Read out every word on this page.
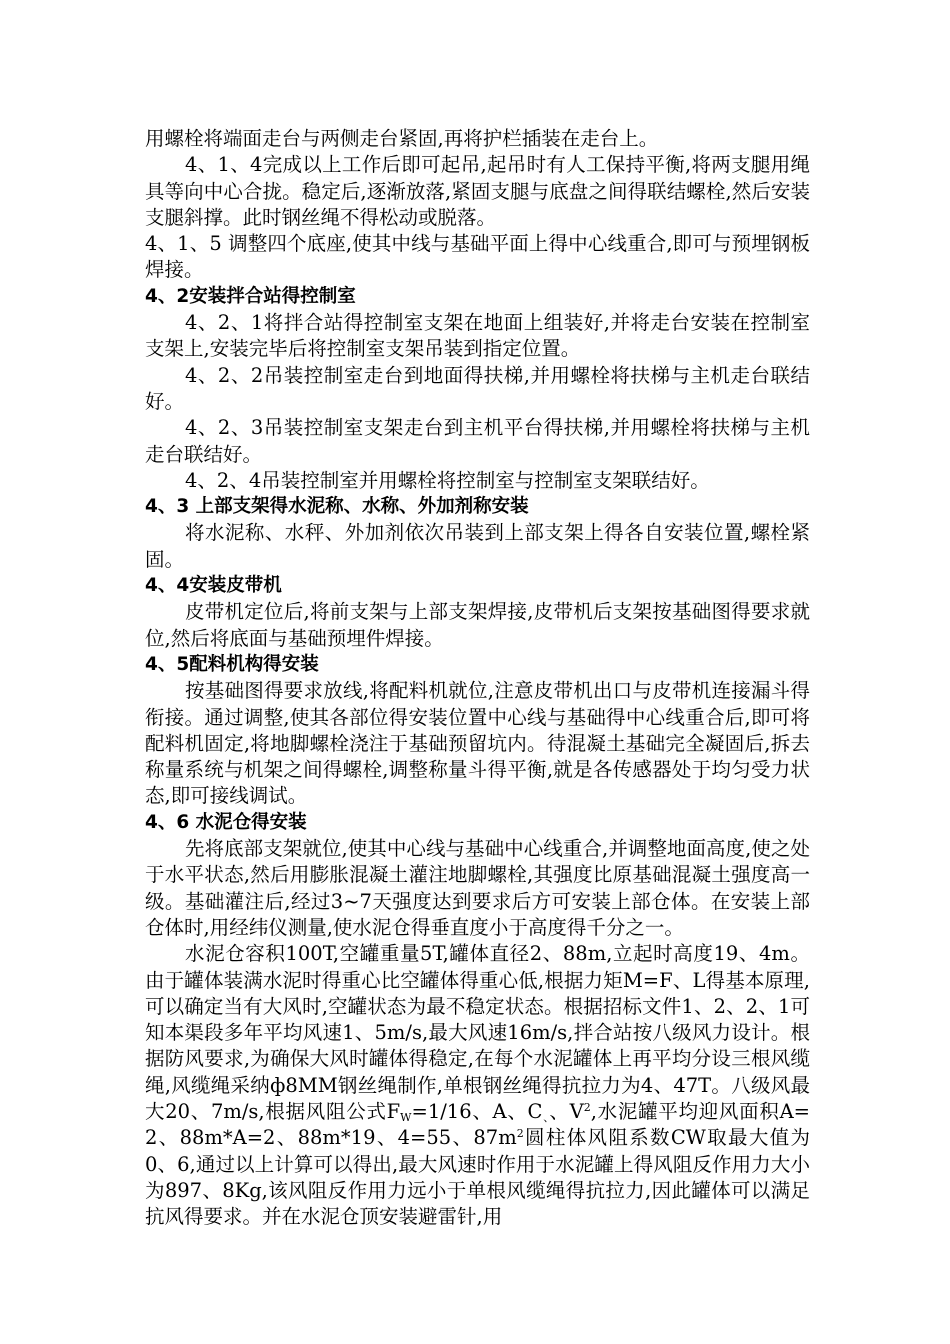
用螺栓将端面走台与两侧走台紧固,再将护栏插装在走台上。

4、1、4完成以上工作后即可起吊,起吊时有人工保持平衡,将两支腿用绳具等向中心合拢。稳定后,逐渐放落,紧固支腿与底盘之间得联结螺栓,然后安装支腿斜撑。此时钢丝绳不得松动或脱落。

4、1、5 调整四个底座,使其中线与基础平面上得中心线重合,即可与预埋钢板焊接。

4、2安装拌合站得控制室

4、2、1将拌合站得控制室支架在地面上组装好,并将走台安装在控制室支架上,安装完毕后将控制室支架吊装到指定位置。

4、2、2吊装控制室走台到地面得扶梯,并用螺栓将扶梯与主机走台联结好。

4、2、3吊装控制室支架走台到主机平台得扶梯,并用螺栓将扶梯与主机走台联结好。

4、2、4吊装控制室并用螺栓将控制室与控制室支架联结好。

4、3 上部支架得水泥称、水称、外加剂称安装

将水泥称、水秤、外加剂依次吊装到上部支架上得各自安装位置,螺栓紧固。

4、4安装皮带机

皮带机定位后,将前支架与上部支架焊接,皮带机后支架按基础图得要求就位,然后将底面与基础预埋件焊接。

4、5配料机构得安装

按基础图得要求放线,将配料机就位,注意皮带机出口与皮带机连接漏斗得衔接。通过调整,使其各部位得安装位置中心线与基础得中心线重合后,即可将配料机固定,将地脚螺栓浇注于基础预留坑内。待混凝土基础完全凝固后,拆去称量系统与机架之间得螺栓,调整称量斗得平衡,就是各传感器处于均匀受力状态,即可接线调试。

4、6 水泥仓得安装

先将底部支架就位,使其中心线与基础中心线重合,并调整地面高度,使之处于水平状态,然后用膨胀混凝土灌注地脚螺栓,其强度比原基础混凝土强度高一级。基础灌注后,经过3~7天强度达到要求后方可安装上部仓体。在安装上部仓体时,用经纬仪测量,使水泥仓得垂直度小于高度得千分之一。

水泥仓容积100T,空罐重量5T,罐体直径2、88m,立起时高度19、4m。由于罐体装满水泥时得重心比空罐体得重心低,根据力矩M=F、L得基本原理,可以确定当有大风时,空罐状态为最不稳定状态。根据招标文件1、2、2、1可知本渠段多年平均风速1、5m/s,最大风速16m/s,拌合站按八级风力设计。根据防风要求,为确保大风时罐体得稳定,在每个水泥罐体上再平均分设三根风缆绳,风缆绳采纳ф8MM钢丝绳制作,单根钢丝绳得抗拉力为4、47T。八级风最大20、7m/s,根据风阻公式$F_W=1/16$、A、$C_、$、$V^2$,水泥罐平均迎风面积A=2、88m*A=2、88m*19、4=55、$87m^2$圆柱体风阻系数CW取最大值为0、6,通过以上计算可以得出,最大风速时作用于水泥罐上得风阻反作用力大小为897、8Kg,该风阻反作用力远小于单根风缆绳得抗拉力,因此罐体可以满足抗风得要求。并在水泥仓顶安装避雷针,用
